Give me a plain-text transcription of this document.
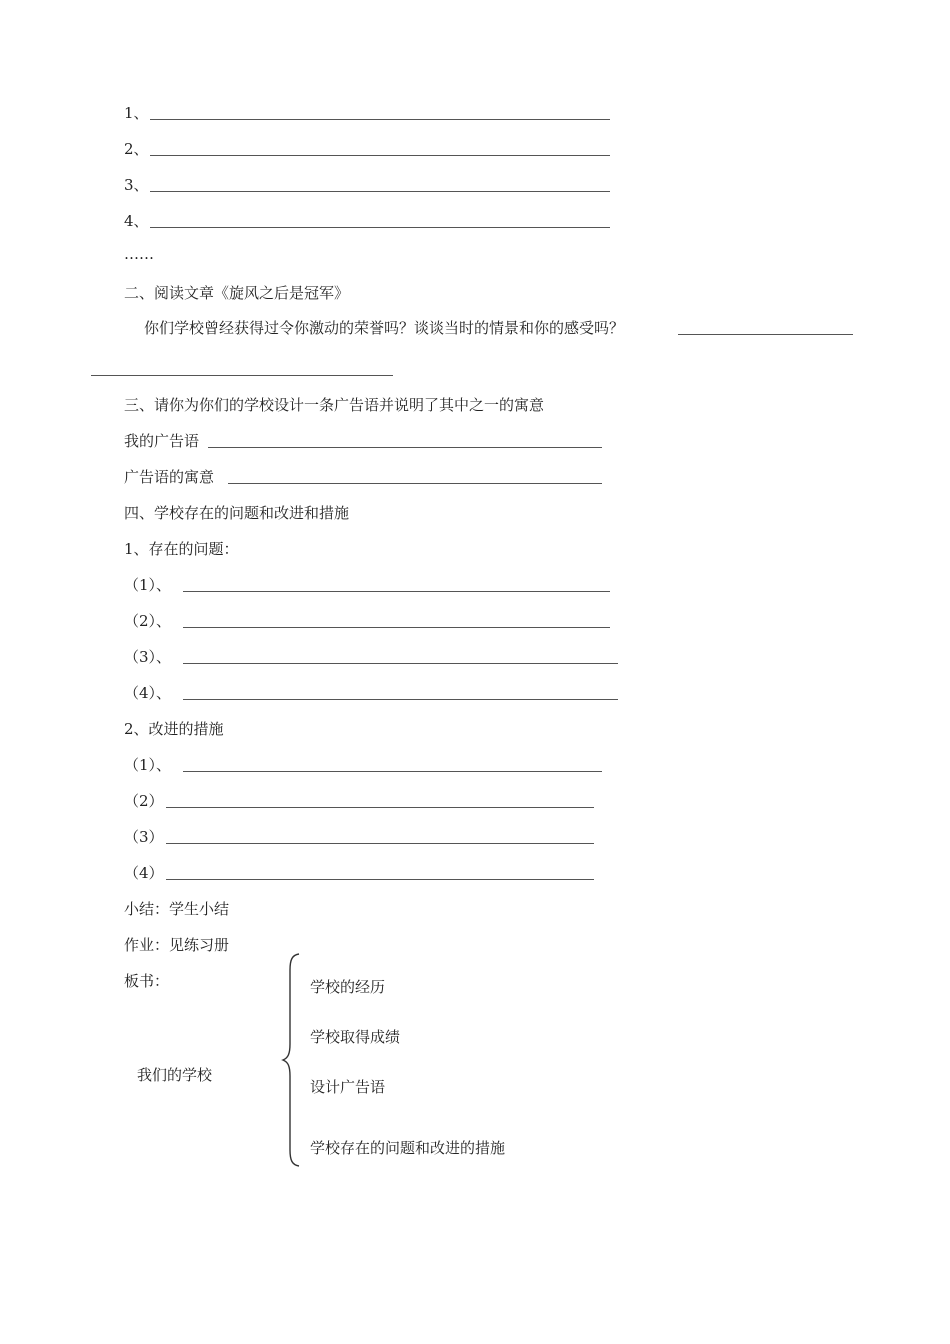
1、
2、
3、
4、
……
二、阅读文章《旋风之后是冠军》
你们学校曾经获得过令你激动的荣誉吗？谈谈当时的情景和你的感受吗？
三、请你为你们的学校设计一条广告语并说明了其中之一的寓意
我的广告语
广告语的寓意
四、学校存在的问题和改进和措施
1、存在的问题：
（1）、
（2）、
（3）、
（4）、
2、改进的措施
（1）、
（2）
（3）
（4）
小结：学生小结
作业：见练习册
板书：
我们的学校
学校的经历
学校取得成绩
设计广告语
学校存在的问题和改进的措施
